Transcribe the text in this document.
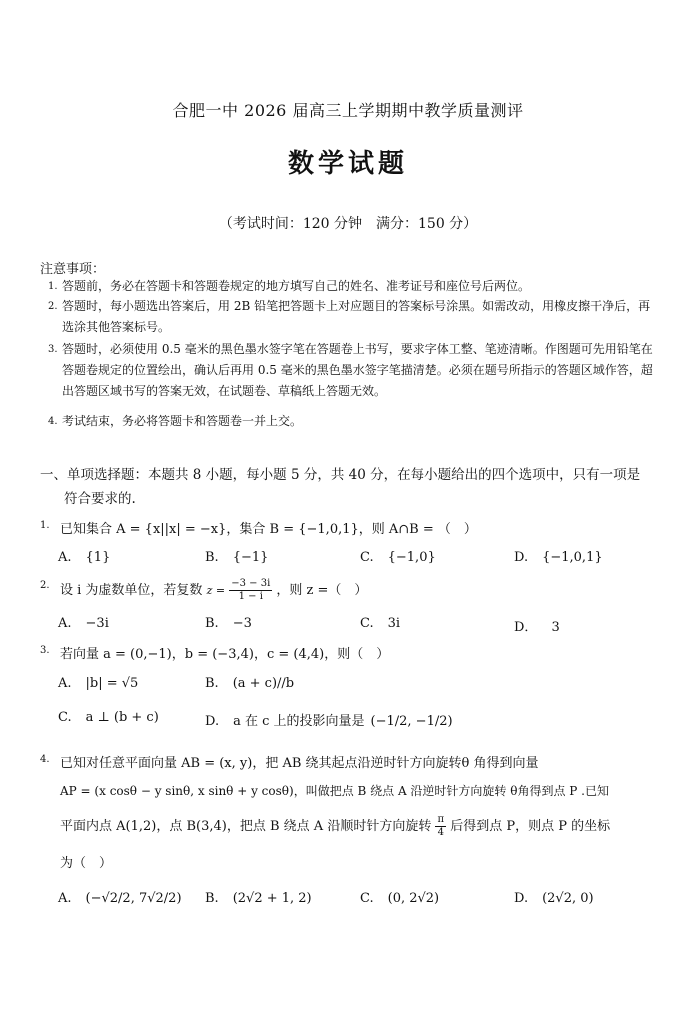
合肥一中 2026 届高三上学期期中教学质量测评
数学试题
（考试时间：120 分钟　满分：150 分）
注意事项：
1. 答题前，务必在答题卡和答题卷规定的地方填写自己的姓名、准考证号和座位号后两位。
2. 答题时，每小题选出答案后，用 2B 铅笔把答题卡上对应题目的答案标号涂黑。如需改动，用橡皮擦干净后，再选涂其他答案标号。
3. 答题时，必须使用 0.5 毫米的黑色墨水签字笔在答题卷上书写，要求字体工整、笔迹清晰。作图题可先用铅笔在答题卷规定的位置绘出，确认后再用 0.5 毫米的黑色墨水签字笔描清楚。必须在题号所指示的答题区域作答，超出答题区域书写的答案无效，在试题卷、草稿纸上答题无效。
4. 考试结束，务必将答题卡和答题卷一并上交。
一、单项选择题：本题共 8 小题，每小题 5 分，共 40 分，在每小题给出的四个选项中，只有一项是
符合要求的.
1. 已知集合 A = {x||x| = −x}，集合 B = {−1,0,1}，则 A∩B = （　）
A. {1}	B. {−1}	C. {−1,0}	D. {−1,0,1}
2. 设 i 为虚数单位，若复数 $z = \frac{-3 - 3i}{1 - i}$ ，则 z =（　）
A. −3i	B. −3	C. 3i	D． 3
3. 若向量 a = (0,−1)，b = (−3,4)，c = (4,4)，则（　）
A. |b| = √5	B. (a + c)//b
C. a ⊥ (b + c)	D. a 在 c 上的投影向量是 (−1/2, −1/2)
4. 已知对任意平面向量 AB = (x, y)，把 AB 绕其起点沿逆时针方向旋转θ 角得到向量
AP = (x cosθ − y sinθ, x sinθ + y cosθ)，叫做把点 B 绕点 A 沿逆时针方向旋转 θ角得到点 P .已知
平面内点 A(1,2)，点 B(3,4)，把点 B 绕点 A 沿顺时针方向旋转 $\frac{\pi}{4}$ 后得到点 P，则点 P 的坐标
为（　）
A. (−√2/2, 7√2/2) B. (2√2 + 1, 2)	C. (0, 2√2)	D. (2√2, 0)
